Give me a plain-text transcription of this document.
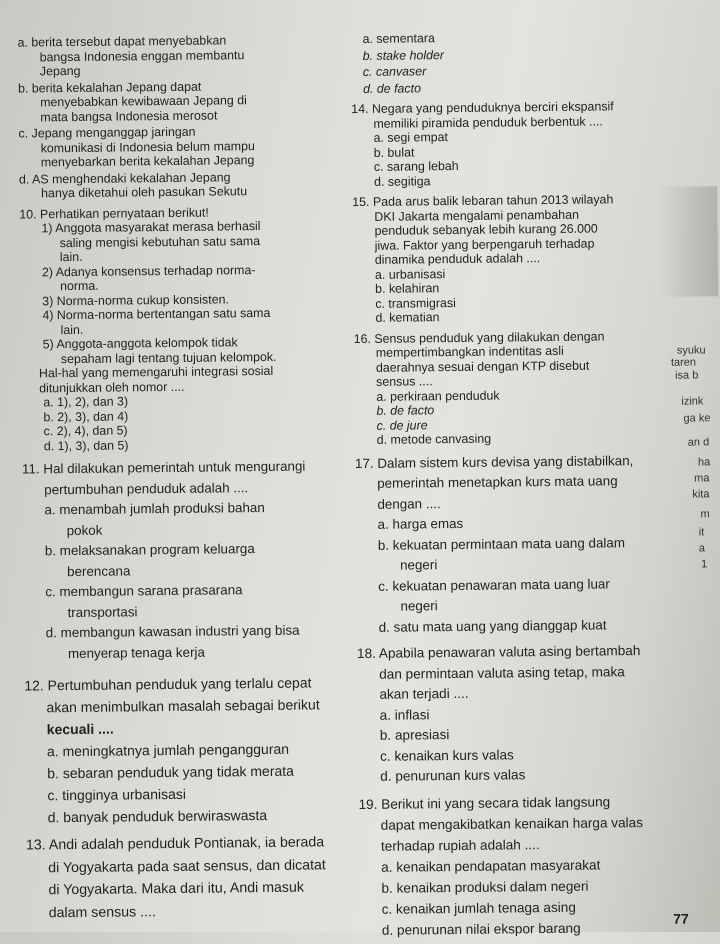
a. berita tersebut dapat menyebabkan
bangsa Indonesia enggan membantu
Jepang
b. berita kekalahan Jepang dapat
menyebabkan kewibawaan Jepang di
mata bangsa Indonesia merosot
c. Jepang menganggap jaringan
komunikasi di Indonesia belum mampu
menyebarkan berita kekalahan Jepang
d. AS menghendaki kekalahan Jepang
hanya diketahui oleh pasukan Sekutu
10. Perhatikan pernyataan berikut!
1) Anggota masyarakat merasa berhasil
saling mengisi kebutuhan satu sama
lain.
2) Adanya konsensus terhadap norma-
norma.
3) Norma-norma cukup konsisten.
4) Norma-norma bertentangan satu sama
lain.
5) Anggota-anggota kelompok tidak
sepaham lagi tentang tujuan kelompok.
Hal-hal yang memengaruhi integrasi sosial
ditunjukkan oleh nomor ....
a. 1), 2), dan 3)
b. 2), 3), dan 4)
c. 2), 4), dan 5)
d. 1), 3), dan 5)
11. Hal dilakukan pemerintah untuk mengurangi
pertumbuhan penduduk adalah ....
a. menambah jumlah produksi bahan
pokok
b. melaksanakan program keluarga
berencana
c. membangun sarana prasarana
transportasi
d. membangun kawasan industri yang bisa
menyerap tenaga kerja
12. Pertumbuhan penduduk yang terlalu cepat
akan menimbulkan masalah sebagai berikut
kecuali ....
a. meningkatnya jumlah pengangguran
b. sebaran penduduk yang tidak merata
c. tingginya urbanisasi
d. banyak penduduk berwiraswasta
13. Andi adalah penduduk Pontianak, ia berada
di Yogyakarta pada saat sensus, dan dicatat
di Yogyakarta. Maka dari itu, Andi masuk
dalam sensus ....
a. sementara
b. stake holder
c. canvaser
d. de facto
14. Negara yang penduduknya berciri ekspansif
memiliki piramida penduduk berbentuk ....
a. segi empat
b. bulat
c. sarang lebah
d. segitiga
15. Pada arus balik lebaran tahun 2013 wilayah
DKI Jakarta mengalami penambahan
penduduk sebanyak lebih kurang 26.000
jiwa. Faktor yang berpengaruh terhadap
dinamika penduduk adalah ....
a. urbanisasi
b. kelahiran
c. transmigrasi
d. kematian
16. Sensus penduduk yang dilakukan dengan
mempertimbangkan indentitas asli
daerahnya sesuai dengan KTP disebut
sensus ....
a. perkiraan penduduk
b. de facto
c. de jure
d. metode canvasing
17. Dalam sistem kurs devisa yang distabilkan,
pemerintah menetapkan kurs mata uang
dengan ....
a. harga emas
b. kekuatan permintaan mata uang dalam
negeri
c. kekuatan penawaran mata uang luar
negeri
d. satu mata uang yang dianggap kuat
18. Apabila penawaran valuta asing bertambah
dan permintaan valuta asing tetap, maka
akan terjadi ....
a. inflasi
b. apresiasi
c. kenaikan kurs valas
d. penurunan kurs valas
19. Berikut ini yang secara tidak langsung
dapat mengakibatkan kenaikan harga valas
terhadap rupiah adalah ....
a. kenaikan pendapatan masyarakat
b. kenaikan produksi dalam negeri
c. kenaikan jumlah tenaga asing
d. penurunan nilai ekspor barang
syuku
taren
isa b
izink
ga ke
an d
ha
ma
kita
m
it
a
1
77
